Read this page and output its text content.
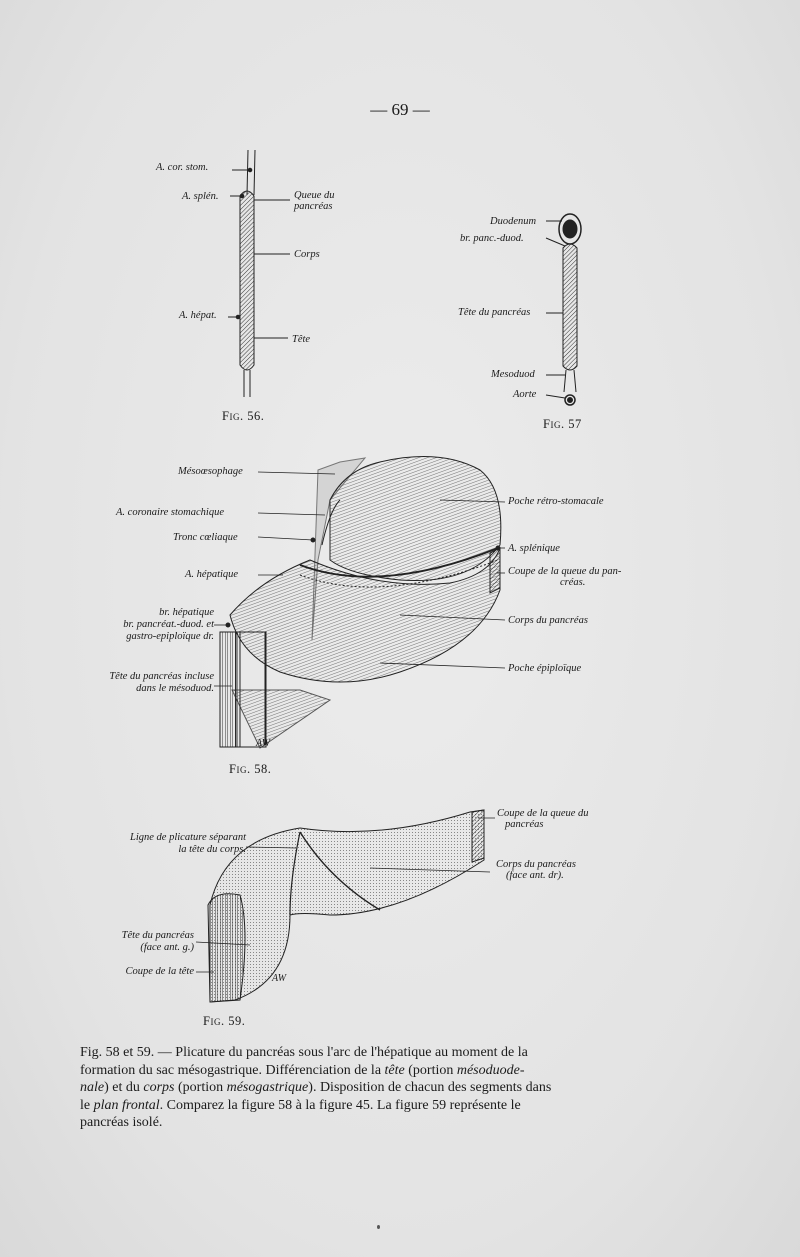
— 69 —
A. cor. stom.
A. splén.	Queue du
pancréas
Corps
A. hépat.
Tête
Fig. 56.
Duodenum
br. panc.-duod.
Tête du pancréas
Mesoduod
Aorte
Fig. 57
Mésoœsophage
A. coronaire stomachique
Tronc cœliaque
A. hépatique
br. hépatique
br. pancréat.-duod. et
gastro-epiploïque dr.
Tête du pancréas incluse
dans le mésoduod.
Poche rétro-stomacale
A. splénique
Coupe de la queue du pan-
créas.
Corps du pancréas
Poche épiploïque
AW
Fig. 58.
Ligne de plicature séparant
la tête du corps.
Coupe de la queue du
pancréas
Corps du pancréas
(face ant. dr).
Tête du pancréas
(face ant. g.)
Coupe de la tête
AW
Fig. 59.
Fig. 58 et 59. — Plicature du pancréas sous l'arc de l'hépatique au moment de la
formation du sac mésogastrique. Différenciation de la tête (portion mésoduode-
nale) et du corps (portion mésogastrique). Disposition de chacun des segments dans
le plan frontal. Comparez la figure 58 à la figure 45. La figure 59 représente le
pancréas isolé.
